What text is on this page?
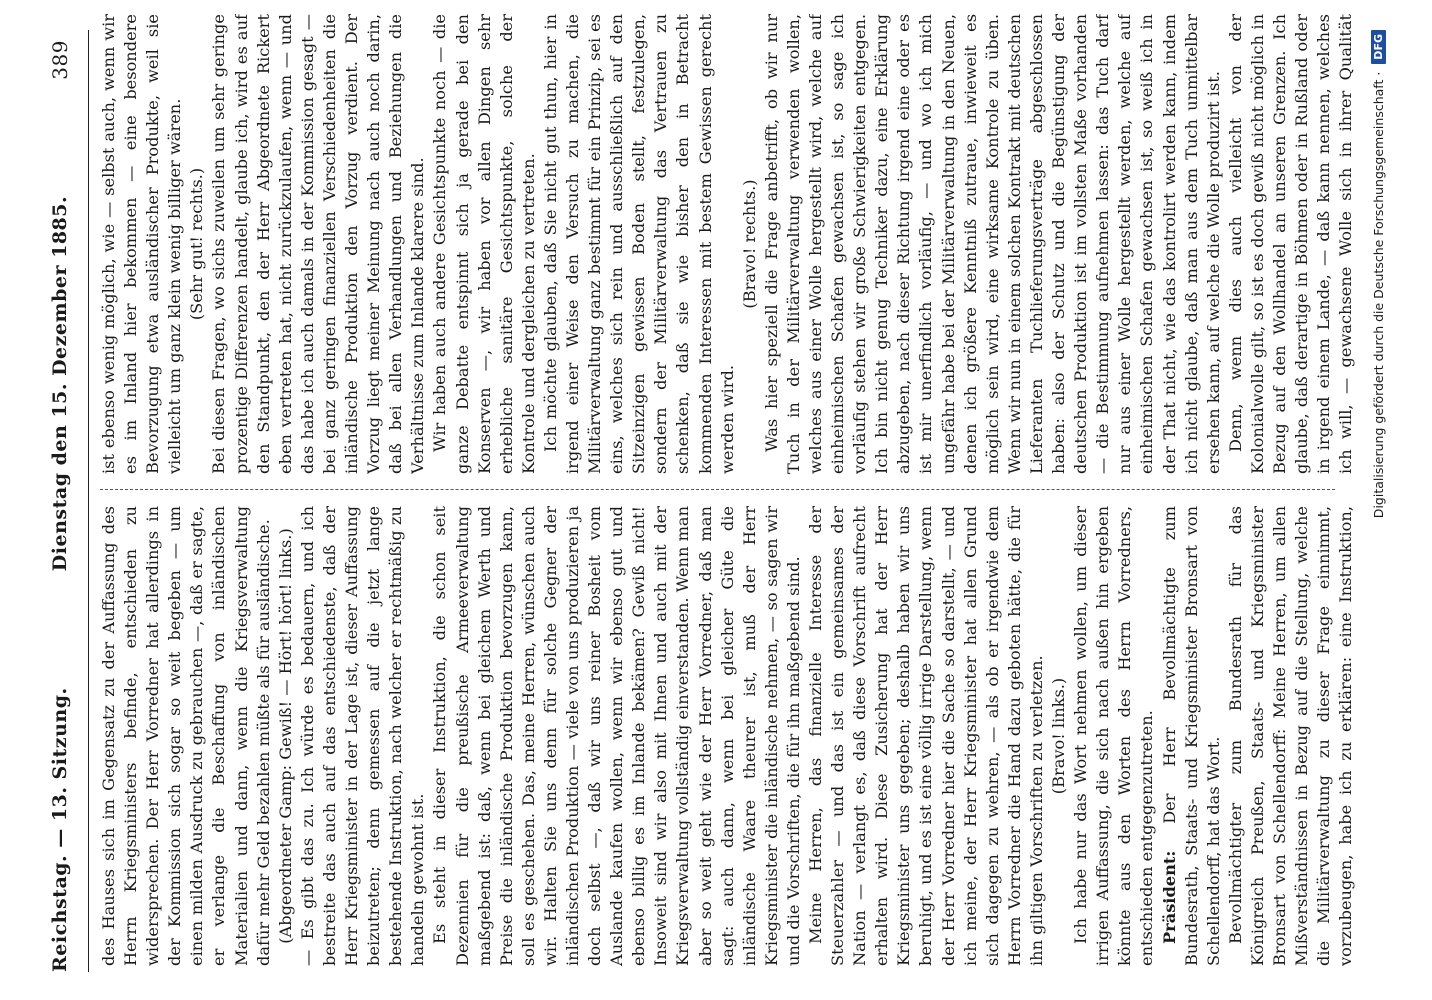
Reichstag. — 13. Sitzung.
Dienstag den 15. Dezember 1885.
389

des Hauses sich im Gegensatz zu der Auffassung des Herrn Kriegsministers befinde, entschieden zu widersprechen. Der Herr Vorredner hat allerdings in der Kommission sich sogar so weit begeben — um einen milden Ausdruck zu gebrauchen —, daß er sagte, er verlange die Beschaffung von inländischen Materialien und dann, wenn die Kriegsverwaltung dafür mehr Geld bezahlen müßte als für ausländische. (Abgeordneter Gamp: Gewiß! — Hört! hört! links.) — Es gibt das zu. Ich würde es bedauern, und ich bestreite das auch auf das entschiedenste, daß der Herr Kriegsminister in der Lage ist, dieser Auffassung beizutreten; denn gemessen auf die jetzt lange bestehende Instruktion, nach welcher er rechtmäßig zu handeln gewohnt ist. Es steht in dieser Instruktion, die schon seit Dezennien für die preußische Armeeverwaltung maßgebend ist: daß, wenn bei gleichem Werth und Preise die inländische Produktion bevorzugen kann, soll es geschehen. Das, meine Herren, wünschen auch wir. Halten Sie uns denn für solche Gegner der inländischen Produktion — viele von uns produzieren ja doch selbst —, daß wir uns reiner Bosheit vom Auslande kaufen wollen, wenn wir ebenso gut und ebenso billig es im Inlande bekämen? Gewiß nicht! Insoweit sind wir also mit Ihnen und auch mit der Kriegsverwaltung vollständig einverstanden. Wenn man aber so weit geht wie der Herr Vorredner, daß man sagt: auch dann, wenn bei gleicher Güte die inländische Waare theurer ist, muß der Herr Kriegsminister die inländische nehmen, — so sagen wir und die Vorschriften, die für ihn maßgebend sind. Meine Herren, das finanzielle Interesse der Steuerzahler — und das ist ein gemeinsames der Nation — verlangt es, daß diese Vorschrift aufrecht erhalten wird. Diese Zusicherung hat der Herr Kriegsminister uns gegeben; deshalb haben wir uns beruhigt, und es ist eine völlig irrige Darstellung, wenn der Herr Vorredner hier die Sache so darstellt, — und ich meine, der Herr Kriegsminister hat allen Grund sich dagegen zu wehren, — als ob er irgendwie dem Herrn Vorredner die Hand dazu geboten hätte, die für ihn giltigen Vorschriften zu verletzen. (Bravo! links.) Ich habe nur das Wort nehmen wollen, um dieser irrigen Auffassung, die sich nach außen hin ergeben könnte aus den Worten des Herrn Vorredners, entschieden entgegenzutreten. Präsident: Der Herr Bevollmächtigte zum Bundesrath, Staats- und Kriegsminister Bronsart von Schellendorff, hat das Wort. Bevollmächtigter zum Bundesrath für das Königreich Preußen, Staats- und Kriegsminister Bronsart von Schellendorff: Meine Herren, um allen Mißverständnissen in Bezug auf die Stellung, welche die Militärverwaltung zu dieser Frage einnimmt, vorzubeugen, habe ich zu erklären: eine Instruktion,

ist ebenso wenig möglich, wie — selbst auch, wenn wir es im Inland hier bekommen — eine besondere Bevorzugung etwa ausländischer Produkte, weil sie vielleicht um ganz klein wenig billiger wären. (Sehr gut! rechts.) Bei diesen Fragen, wo sichs zuweilen um sehr geringe prozentige Differenzen handelt, glaube ich, wird es auf den Standpunkt, den der Herr Abgeordnete Rickert eben vertreten hat, nicht zurückzulaufen, wenn — und das habe ich auch damals in der Kommission gesagt — bei ganz geringen finanziellen Verschiedenheiten die inländische Produktion den Vorzug verdient. Der Vorzug liegt meiner Meinung nach auch noch darin, daß bei allen Verhandlungen und Beziehungen die Verhältnisse zum Inlande klarere sind. Wir haben auch andere Gesichtspunkte noch — die ganze Debatte entspinnt sich ja gerade bei den Konserven —, wir haben vor allen Dingen sehr erhebliche sanitäre Gesichtspunkte, solche der Kontrole und dergleichen zu vertreten. Ich möchte glauben, daß Sie nicht gut thun, hier in irgend einer Weise den Versuch zu machen, die Militärverwaltung ganz bestimmt für ein Prinzip, sei es eins, welches sich rein und ausschließlich auf den Sitzeinzigen gewissen Boden stellt, festzulegen, sondern der Militärverwaltung das Vertrauen zu schenken, daß sie wie bisher den in Betracht kommenden Interessen mit bestem Gewissen gerecht werden wird.

(Bravo! rechts.) Was hier speziell die Frage anbetrifft, ob wir nur Tuch in der Militärverwaltung verwenden wollen, welches aus einer Wolle hergestellt wird, welche auf einheimischen Schafen gewachsen ist, so sage ich vorläufig stehen wir große Schwierigkeiten entgegen. Ich bin nicht genug Techniker dazu, eine Erklärung abzugeben, nach dieser Richtung irgend eine oder es ist mir unerfindlich vorläufig, — und wo ich mich ungefähr habe bei der Militärverwaltung in den Neuen, denen ich größere Kenntniß zutraue, inwieweit es möglich sein wird, eine wirksame Kontrole zu üben. Wenn wir nun in einem solchen Kontrakt mit deutschen Lieferanten Tuchlieferungsverträge abgeschlossen haben: also der Schutz und die Begünstigung der deutschen Produktion ist im vollsten Maße vorhanden — die Bestimmung aufnehmen lassen: das Tuch darf nur aus einer Wolle hergestellt werden, welche auf einheimischen Schafen gewachsen ist, so weiß ich in der That nicht, wie das kontrolirt werden kann, indem ich nicht glaube, daß man aus dem Tuch unmittelbar ersehen kann, auf welche die Wolle produzirt ist. Denn, wenn dies auch vielleicht von der Kolonialwolle gilt, so ist es doch gewiß nicht möglich in Bezug auf den Wollhandel an unseren Grenzen. Ich glaube, daß derartige in Böhmen oder in Rußland oder in irgend einem Lande, — daß kann nennen, welches ich will, — gewachsene Wolle sich in ihrer Qualität

Digitalisierung gefördert durch die Deutsche Forschungsgemeinschaft ·
DFG
